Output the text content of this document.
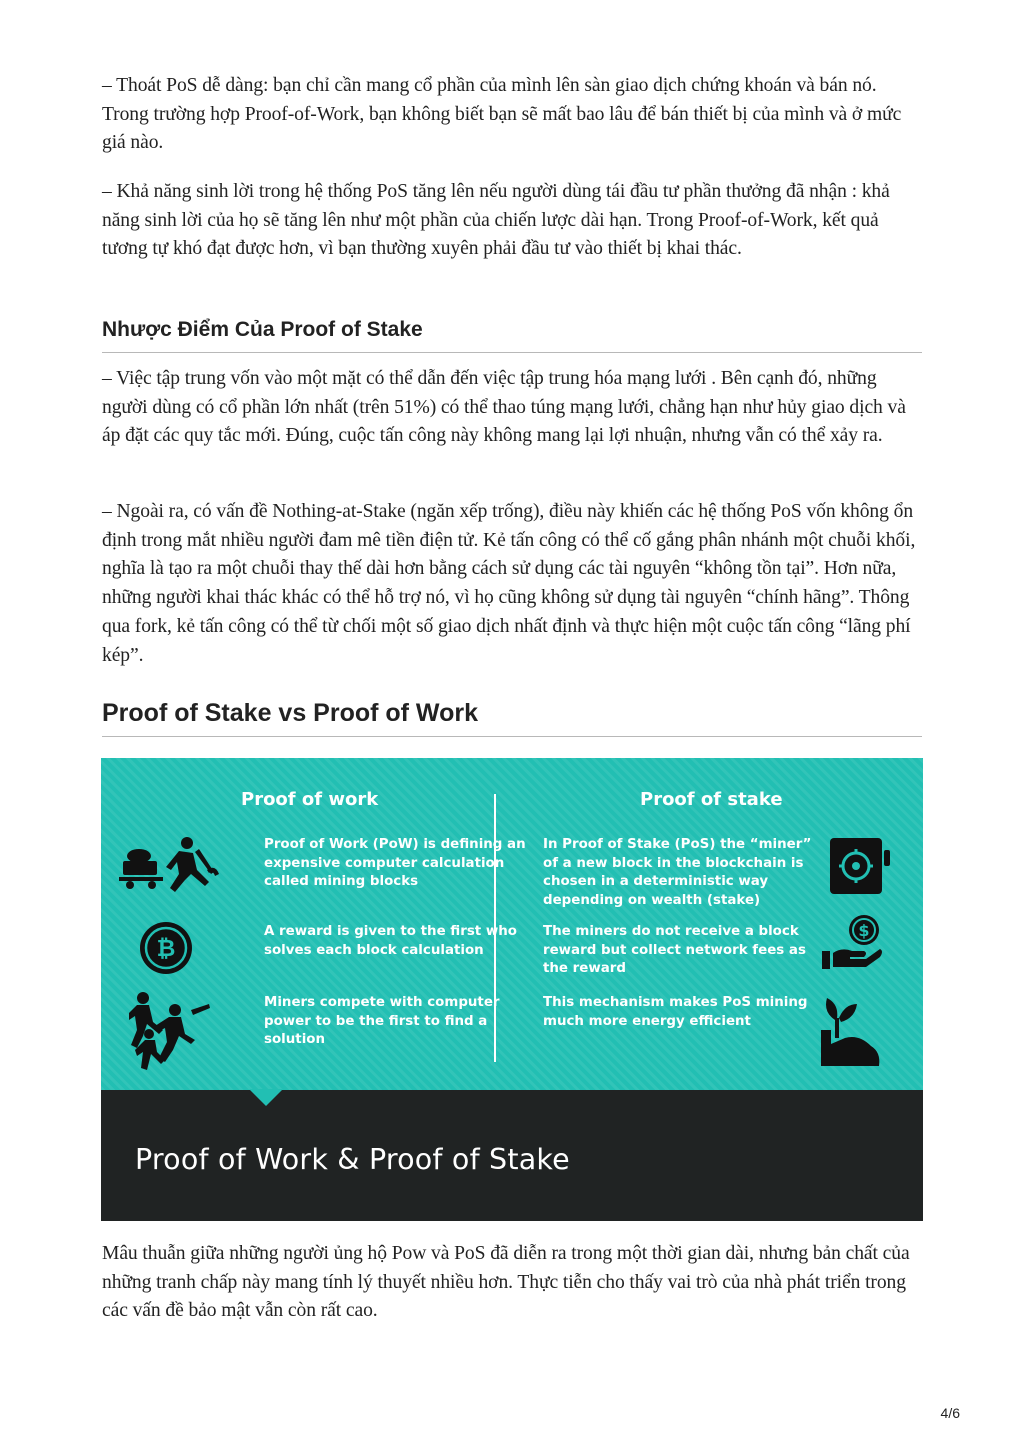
– Thoát PoS dễ dàng: bạn chỉ cần mang cổ phần của mình lên sàn giao dịch chứng khoán và bán nó. Trong trường hợp Proof-of-Work, bạn không biết bạn sẽ mất bao lâu để bán thiết bị của mình và ở mức giá nào.

– Khả năng sinh lời trong hệ thống PoS tăng lên nếu người dùng tái đầu tư phần thưởng đã nhận : khả năng sinh lời của họ sẽ tăng lên như một phần của chiến lược dài hạn. Trong Proof-of-Work, kết quả tương tự khó đạt được hơn, vì bạn thường xuyên phải đầu tư vào thiết bị khai thác.

Nhược Điểm Của Proof of Stake

– Việc tập trung vốn vào một mặt có thể dẫn đến việc tập trung hóa mạng lưới . Bên cạnh đó, những người dùng có cổ phần lớn nhất (trên 51%) có thể thao túng mạng lưới, chẳng hạn như hủy giao dịch và áp đặt các quy tắc mới. Đúng, cuộc tấn công này không mang lại lợi nhuận, nhưng vẫn có thể xảy ra.

– Ngoài ra, có vấn đề Nothing-at-Stake (ngăn xếp trống), điều này khiến các hệ thống PoS vốn không ổn định trong mắt nhiều người đam mê tiền điện tử. Kẻ tấn công có thể cố gắng phân nhánh một chuỗi khối, nghĩa là tạo ra một chuỗi thay thế dài hơn bằng cách sử dụng các tài nguyên “không tồn tại”. Hơn nữa, những người khai thác khác có thể hỗ trợ nó, vì họ cũng không sử dụng tài nguyên “chính hãng”. Thông qua fork, kẻ tấn công có thể từ chối một số giao dịch nhất định và thực hiện một cuộc tấn công “lãng phí kép”.

Proof of Stake vs Proof of Work
Proof of work	Proof of stake

Proof of Work (PoW) is defining an expensive computer calculation called mining blocks

A reward is given to the first who solves each block calculation

Miners compete with computer power to be the first to find a solution

In Proof of Stake (PoS) the “miner” of a new block in the blockchain is chosen in a deterministic way depending on wealth (stake)

The miners do not receive a block reward but collect network fees as the reward

This mechanism makes PoS mining much more energy efficient

₿
$

Proof of Work & Proof of Stake

Mâu thuẫn giữa những người ủng hộ Pow và PoS đã diễn ra trong một thời gian dài, nhưng bản chất của những tranh chấp này mang tính lý thuyết nhiều hơn. Thực tiễn cho thấy vai trò của nhà phát triển trong các vấn đề bảo mật vẫn còn rất cao.

4/6
